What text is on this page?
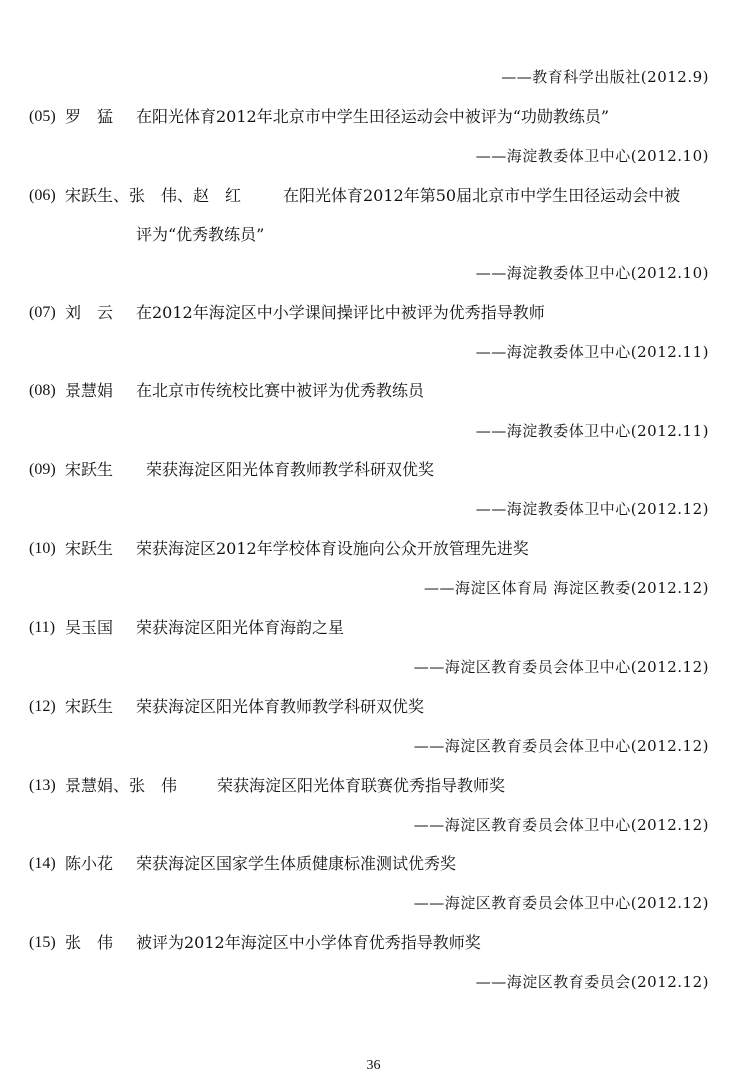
——教育科学出版社(2012.9)
(05) 罗　猛 在阳光体育2012年北京市中学生田径运动会中被评为“功勋教练员”
——海淀教委体卫中心(2012.10)
(06) 宋跃生、张　伟、赵　红	在阳光体育2012年第50届北京市中学生田径运动会中被
评为“优秀教练员”
——海淀教委体卫中心(2012.10)
(07) 刘　云 在2012年海淀区中小学课间操评比中被评为优秀指导教师
——海淀教委体卫中心(2012.11)
(08) 景慧娟 在北京市传统校比赛中被评为优秀教练员
——海淀教委体卫中心(2012.11)
(09) 宋跃生 荣获海淀区阳光体育教师教学科研双优奖
——海淀教委体卫中心(2012.12)
(10) 宋跃生 荣获海淀区2012年学校体育设施向公众开放管理先进奖
——海淀区体育局 海淀区教委(2012.12)
(11) 吴玉国 荣获海淀区阳光体育海韵之星
——海淀区教育委员会体卫中心(2012.12)
(12) 宋跃生 荣获海淀区阳光体育教师教学科研双优奖
——海淀区教育委员会体卫中心(2012.12)
(13) 景慧娟、张　伟 荣获海淀区阳光体育联赛优秀指导教师奖
——海淀区教育委员会体卫中心(2012.12)
(14) 陈小花 荣获海淀区国家学生体质健康标准测试优秀奖
——海淀区教育委员会体卫中心(2012.12)
(15) 张　伟 被评为2012年海淀区中小学体育优秀指导教师奖
——海淀区教育委员会(2012.12)
36
